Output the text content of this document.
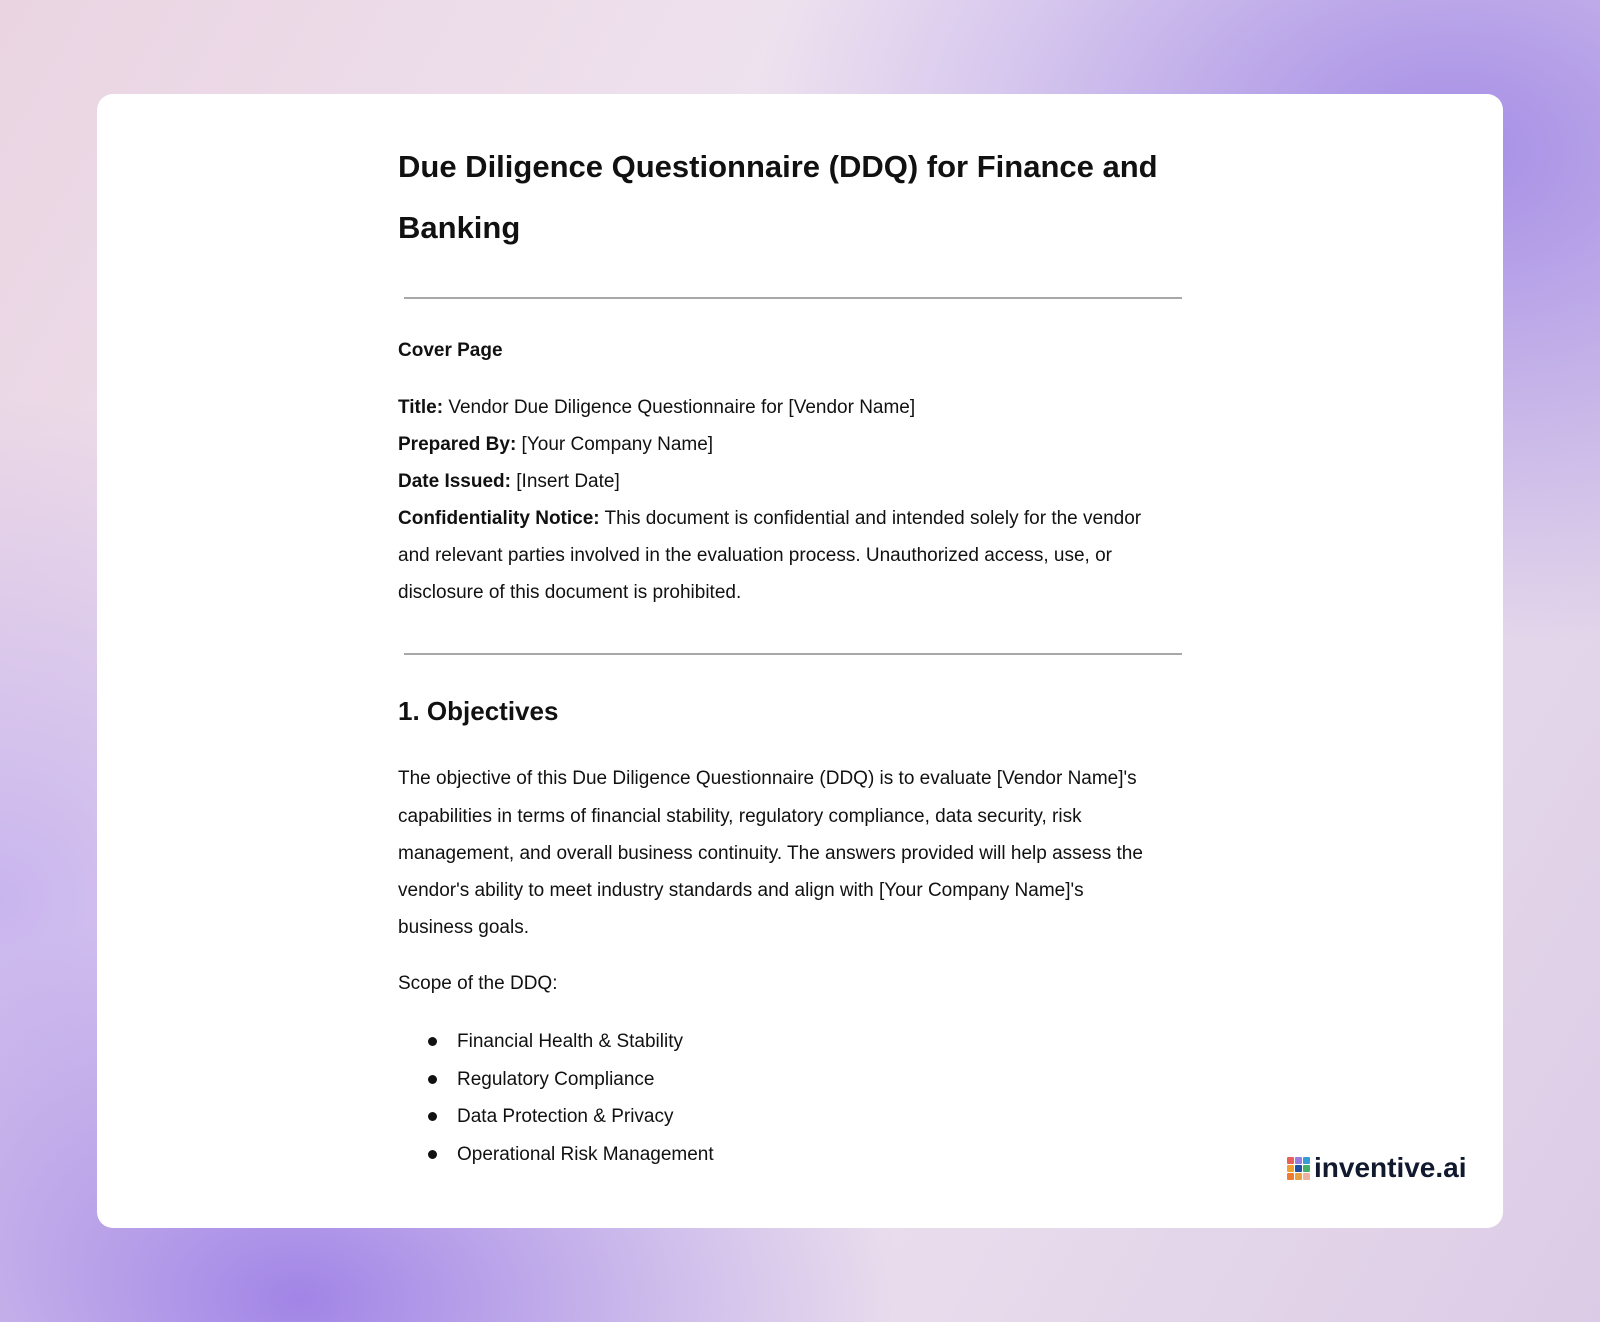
Due Diligence Questionnaire (DDQ) for Finance and Banking
Cover Page
Title: Vendor Due Diligence Questionnaire for [Vendor Name]
Prepared By: [Your Company Name]
Date Issued: [Insert Date]
Confidentiality Notice: This document is confidential and intended solely for the vendor
and relevant parties involved in the evaluation process. Unauthorized access, use, or
disclosure of this document is prohibited.
1. Objectives
The objective of this Due Diligence Questionnaire (DDQ) is to evaluate [Vendor Name]'s
capabilities in terms of financial stability, regulatory compliance, data security, risk
management, and overall business continuity. The answers provided will help assess the
vendor's ability to meet industry standards and align with [Your Company Name]'s
business goals.
Scope of the DDQ:
Financial Health & Stability
Regulatory Compliance
Data Protection & Privacy
Operational Risk Management	inventive.ai
